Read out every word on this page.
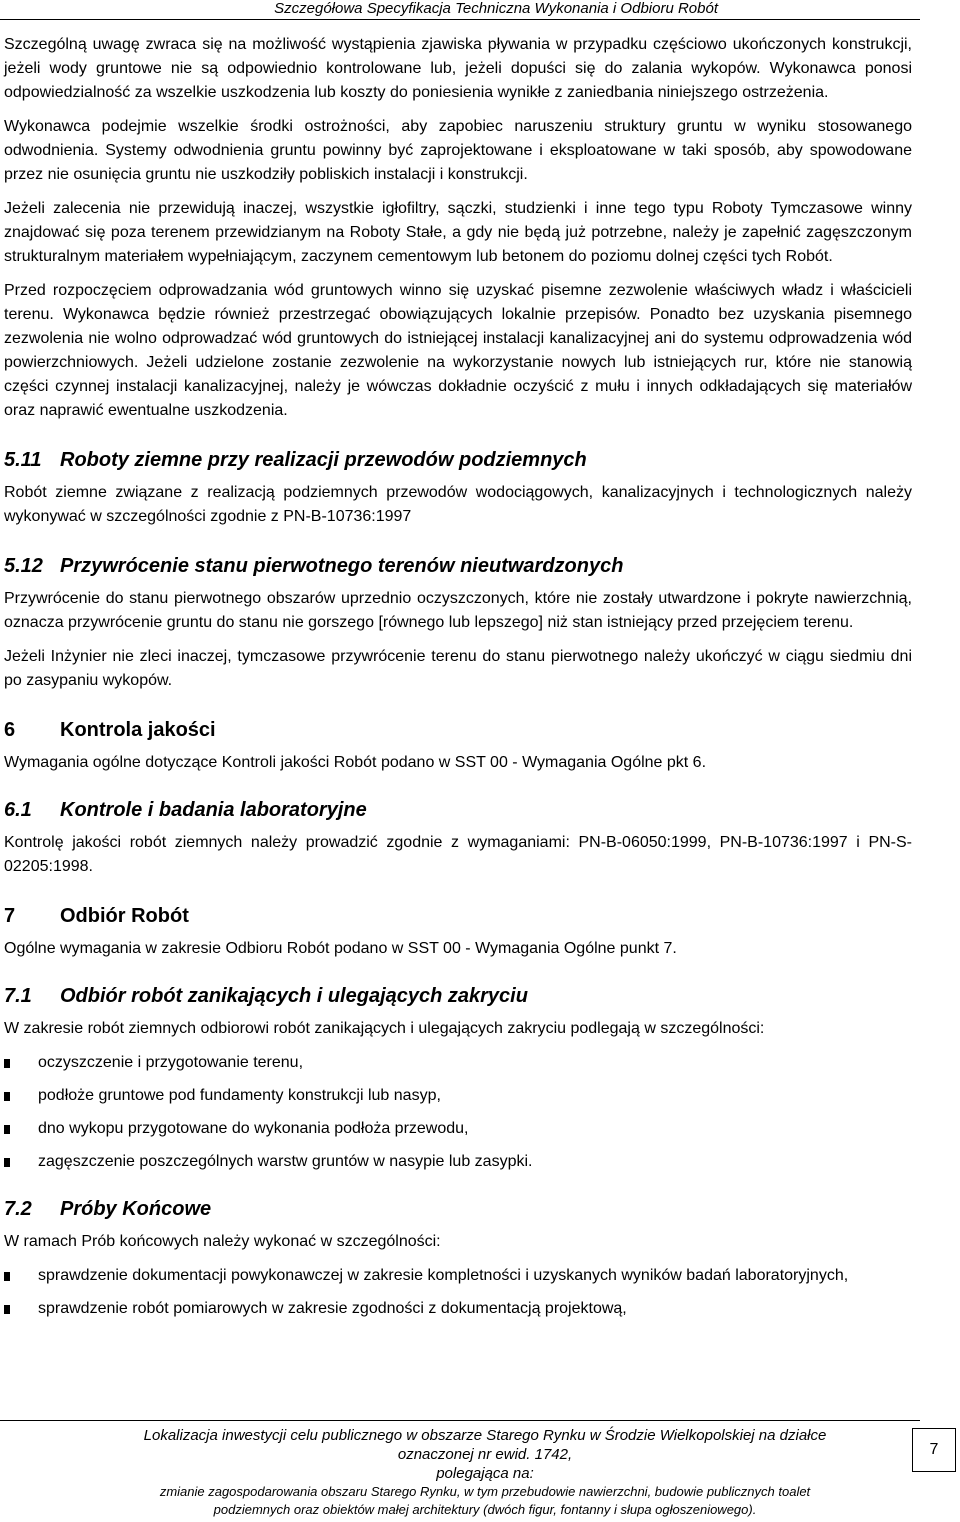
Szczegółowa Specyfikacja Techniczna Wykonania i Odbioru Robót

Szczególną uwagę zwraca się na możliwość wystąpienia zjawiska pływania w przypadku częściowo ukończonych konstrukcji, jeżeli wody gruntowe nie są odpowiednio kontrolowane lub, jeżeli dopuści się do zalania wykopów. Wykonawca ponosi odpowiedzialność za wszelkie uszkodzenia lub koszty do poniesienia wynikłe z zaniedbania niniejszego ostrzeżenia.

Wykonawca podejmie wszelkie środki ostrożności, aby zapobiec naruszeniu struktury gruntu w wyniku stosowanego odwodnienia. Systemy odwodnienia gruntu powinny być zaprojektowane i eksploatowane w taki sposób, aby spowodowane przez nie osunięcia gruntu nie uszkodziły pobliskich instalacji i konstrukcji.

Jeżeli zalecenia nie przewidują inaczej, wszystkie igłofiltry, sączki, studzienki i inne tego typu Roboty Tymczasowe winny znajdować się poza terenem przewidzianym na Roboty Stałe, a gdy nie będą już potrzebne, należy je zapełnić zagęszczonym strukturalnym materiałem wypełniającym, zaczynem cementowym lub betonem do poziomu dolnej części tych Robót.

Przed rozpoczęciem odprowadzania wód gruntowych winno się uzyskać pisemne zezwolenie właściwych władz i właścicieli terenu. Wykonawca będzie również przestrzegać obowiązujących lokalnie przepisów. Ponadto bez uzyskania pisemnego zezwolenia nie wolno odprowadzać wód gruntowych do istniejącej instalacji kanalizacyjnej ani do systemu odprowadzenia wód powierzchniowych. Jeżeli udzielone zostanie zezwolenie na wykorzystanie nowych lub istniejących rur, które nie stanowią części czynnej instalacji kanalizacyjnej, należy je wówczas dokładnie oczyścić z mułu i innych odkładających się materiałów oraz naprawić ewentualne uszkodzenia.

5.11 Roboty ziemne przy realizacji przewodów podziemnych

Robót ziemne związane z realizacją podziemnych przewodów wodociągowych, kanalizacyjnych i technologicznych należy wykonywać w szczególności zgodnie z PN-B-10736:1997

5.12 Przywrócenie stanu pierwotnego terenów nieutwardzonych

Przywrócenie do stanu pierwotnego obszarów uprzednio oczyszczonych, które nie zostały utwardzone i pokryte nawierzchnią, oznacza przywrócenie gruntu do stanu nie gorszego [równego lub lepszego] niż stan istniejący przed przejęciem terenu.

Jeżeli Inżynier nie zleci inaczej, tymczasowe przywrócenie terenu do stanu pierwotnego należy ukończyć w ciągu siedmiu dni po zasypaniu wykopów.

6 Kontrola jakości

Wymagania ogólne dotyczące Kontroli jakości Robót podano w SST 00 - Wymagania Ogólne pkt 6.

6.1 Kontrole i badania laboratoryjne

Kontrolę jakości robót ziemnych należy prowadzić zgodnie z wymaganiami: PN-B-06050:1999, PN-B-10736:1997 i PN-S-02205:1998.

7 Odbiór Robót

Ogólne wymagania w zakresie Odbioru Robót podano w SST 00 - Wymagania Ogólne punkt 7.

7.1 Odbiór robót zanikających i ulegających zakryciu

W zakresie robót ziemnych odbiorowi robót zanikających i ulegających zakryciu podlegają w szczególności:

oczyszczenie i przygotowanie terenu,
podłoże gruntowe pod fundamenty konstrukcji lub nasyp,
dno wykopu przygotowane do wykonania podłoża przewodu,
zagęszczenie poszczególnych warstw gruntów w nasypie lub zasypki.
7.2 Próby Końcowe

W ramach Prób końcowych należy wykonać w szczególności:

sprawdzenie dokumentacji powykonawczej w zakresie kompletności i uzyskanych wyników badań laboratoryjnych,
sprawdzenie robót pomiarowych w zakresie zgodności z dokumentacją projektową,
Lokalizacja inwestycji celu publicznego w obszarze Starego Rynku w Środzie Wielkopolskiej na działce
oznaczonej nr ewid. 1742,
polegająca na:
zmianie zagospodarowania obszaru Starego Rynku, w tym przebudowie nawierzchni, budowie publicznych toalet
podziemnych oraz obiektów małej architektury (dwóch figur, fontanny i słupa ogłoszeniowego).
7
